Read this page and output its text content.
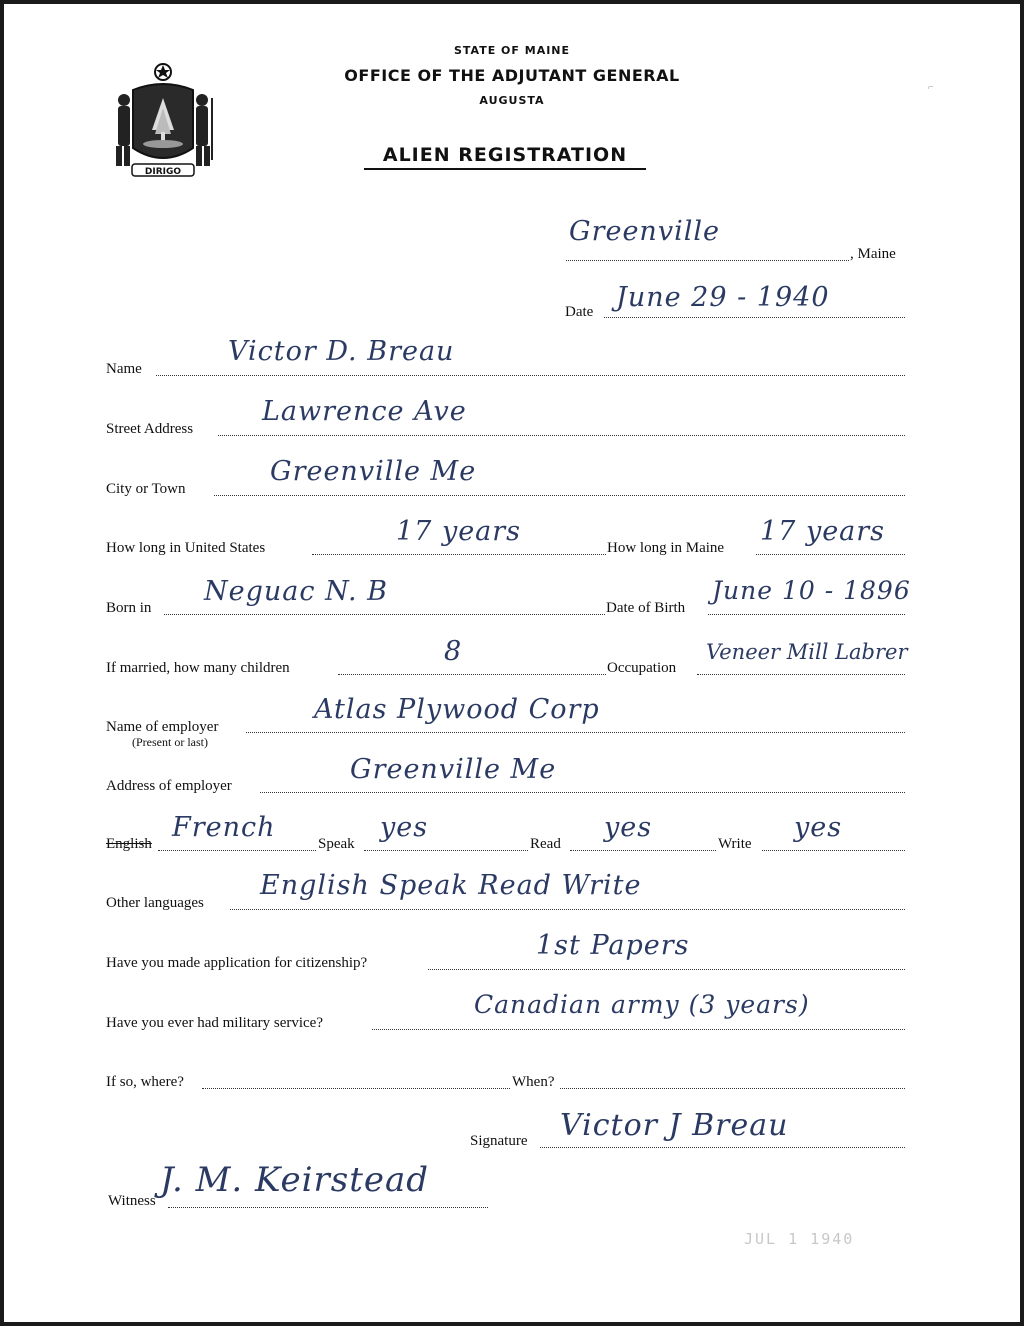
DIRIGO
STATE OF MAINE
OFFICE OF THE ADJUTANT GENERAL
AUGUSTA
ALIEN REGISTRATION
⌐
Greenville
, Maine
Date June 29 - 1940
Name
Victor D. Breau
Street Address
Lawrence Ave
City or Town
Greenville Me
How long in United States
17 years
How long in Maine
17 years
Born in
Neguac N. B
Date of Birth
June 10 - 1896
If married, how many children
8
Occupation
Veneer Mill Labrer
Name of employer
(Present or last)
Atlas Plywood Corp
Address of employer
Greenville Me
English
French
Speak
yes
Read
yes
Write
yes
Other languages
English Speak Read Write
Have you made application for citizenship?
1st Papers
Have you ever had military service?
Canadian army (3 years)
If so, where?	When?
Signature Victor J Breau
Witness
J. M. Keirstead
JUL 1 1940
